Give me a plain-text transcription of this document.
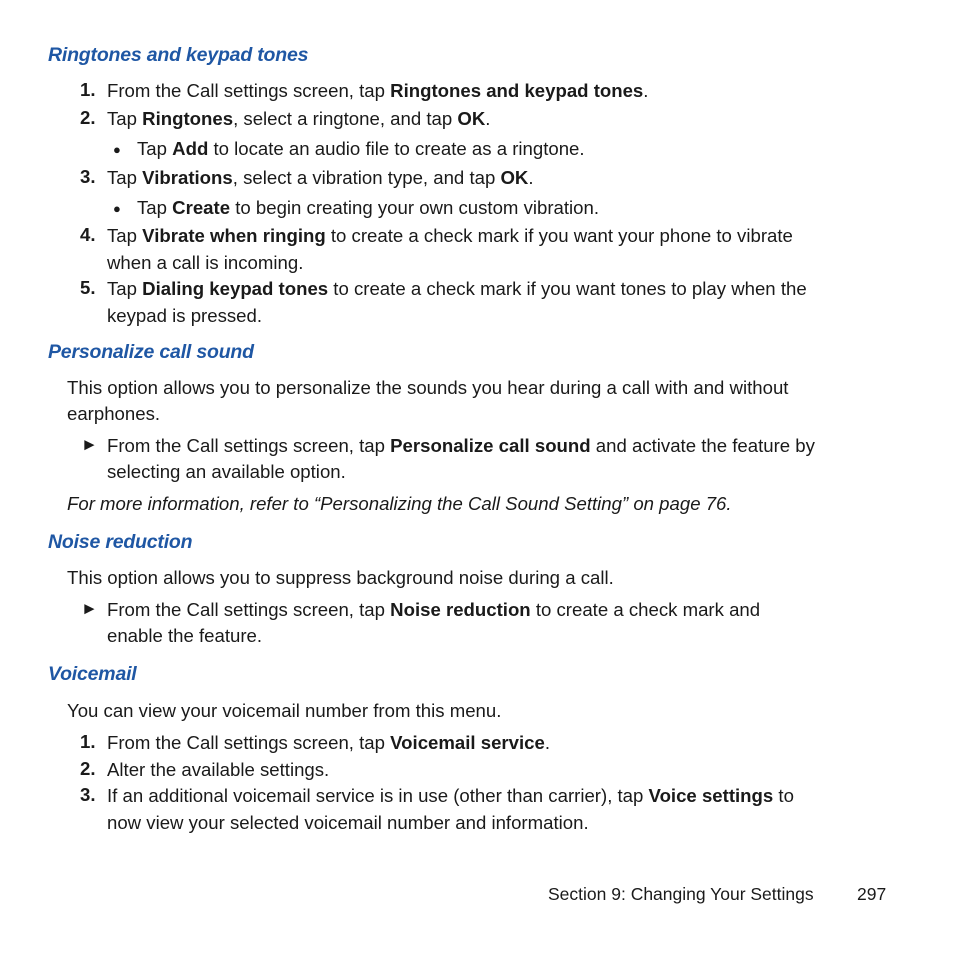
Ringtones and keypad tones
1. From the Call settings screen, tap Ringtones and keypad tones.
2. Tap Ringtones, select a ringtone, and tap OK.
● Tap Add to locate an audio file to create as a ringtone.
3. Tap Vibrations, select a vibration type, and tap OK.
● Tap Create to begin creating your own custom vibration.
4. Tap Vibrate when ringing to create a check mark if you want your phone to vibrate
when a call is incoming.
5. Tap Dialing keypad tones to create a check mark if you want tones to play when the
keypad is pressed.
Personalize call sound
This option allows you to personalize the sounds you hear during a call with and without
earphones.
► From the Call settings screen, tap Personalize call sound and activate the feature by
selecting an available option.
For more information, refer to “Personalizing the Call Sound Setting” on page 76.
Noise reduction
This option allows you to suppress background noise during a call.
► From the Call settings screen, tap Noise reduction to create a check mark and
enable the feature.
Voicemail
You can view your voicemail number from this menu.
1. From the Call settings screen, tap Voicemail service.
2. Alter the available settings.
3. If an additional voicemail service is in use (other than carrier), tap Voice settings to
now view your selected voicemail number and information.
Section 9: Changing Your Settings 297
